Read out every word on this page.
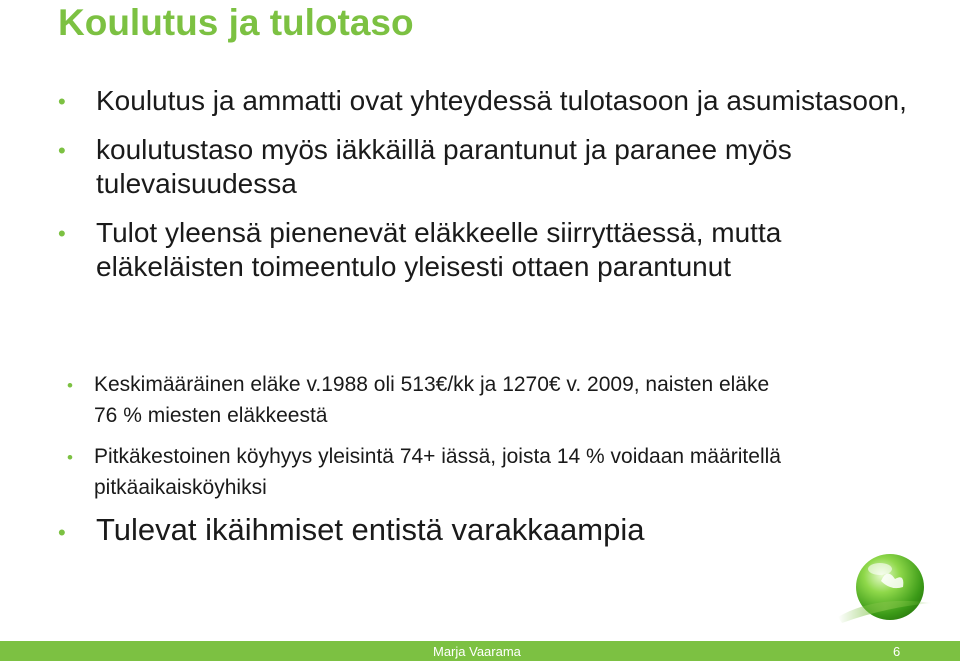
Koulutus ja tulotaso
• Koulutus ja ammatti ovat yhteydessä tulotasoon ja asumistasoon,
• koulutustaso myös iäkkäillä parantunut ja paranee myös tulevaisuudessa
• Tulot yleensä pienenevät eläkkeelle siirryttäessä, mutta eläkeläisten toimeentulo yleisesti ottaen parantunut
• Keskimääräinen eläke v.1988 oli 513€/kk ja 1270€ v. 2009, naisten eläke 76 % miesten eläkkeestä
• Pitkäkestoinen köyhyys yleisintä 74+ iässä, joista 14 % voidaan määritellä pitkäaikaisköyhiksi
• Tulevat ikäihmiset entistä varakkaampia
Marja Vaarama	6
